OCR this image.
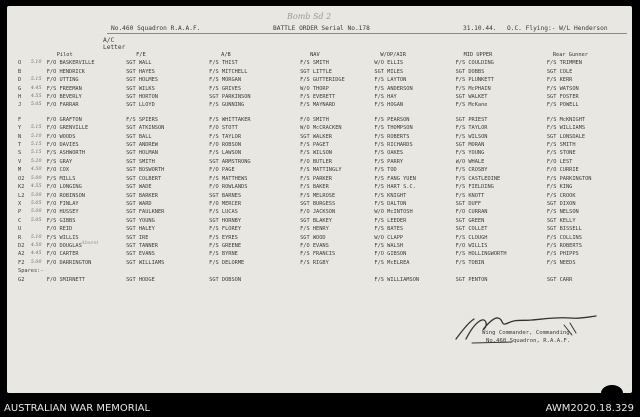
No.460 Squadron R.A.A.F.	BATTLE ORDER Serial No.178	31.10.44. O.C. Flying:- W/L Henderson
Bomb Sd 2
A/C
Letter
		Pilot	F/E	A/B	NAV	W/OP/AIR	MID UPPER	Rear Gunner
O	5.10	F/O BASKERVILLE	SGT WALL	F/S THIST	F/S SMITH	W/O ELLIS	F/S COULDING	F/S TRIMMEN
B		F/O HENDRICK	SGT HAYES	F/S MITCHELL	SGT LITTLE	SGT MILES	SGT DOBBS	SGT COLE
D	5.15	F/O UTTING	SGT HOLMES	F/S MORGAN	F/S GUTTERIDGE	F/S LAYTON	F/S PLUNKETT	F/S KERR
G	4.45	F/S FREEMAN	SGT WILKS	F/S GRIVES	W/O THORP	F/S ANDERSON	F/S McPHAIN	F/S WATSON
H	4.55	F/O BEVERLY	SGT HORTON	SGT PARKINSON	F/S EVERETT	F/S HAY	SGT WALKET	SGT FOSTER
J	5.05	F/O FARRAR	SGT LLOYD	F/S GUNNING	F/S MAYNARD	F/S HOGAN	F/S McKane	F/S POWELL

F		F/O GRAFTON	F/S SPIERS	F/S WHITTAKER	F/O SMITH	F/S PEARSON	SGT PRIEST	F/S McKNIGHT
Y	5.15	F/O GRENVILLE	SGT ATKINSON	F/O STOTT	W/O McCRACKEN	F/S THOMPSON	F/S TAYLOR	F/S WILLIAMS
N	5.10	F/O WOODS	SGT BALL	F/S TAYLOR	SGT WALKER	F/S ROBERTS	F/S WILSON	SGT LONSDALE
T	5.15	F/O DAVIES	SGT ANDREW	F/O ROBSON	F/S PAGET	F/S RICHARDS	SGT MORAN	F/S SMITH
S	5.15	F/S ASHWORTH	SGT HOLMAN	F/S LAWSON	F/S WILSON	F/S OAKES	F/S YOUNG	F/S STONE
V	5.20	F/S GRAY	SGT SMITH	SGT ARMSTRONG	F/O BUTLER	F/S PARRY	W/O WHALE	F/O LEST
M	4.50	F/O COX	SGT BOSWORTH	F/O PAGE	F/S MATTINGLY	F/S TOD	F/S CROSBY	F/O CURRIE
O2	5.00	F/S MILLS	SGT COLBERT	F/S MATTHEWS	F/S PARKER	F/S FANG YUEN	F/S CASTLEDINE	F/S PARKINGTON
K2	4.55	F/O LONGING	SGT WADE	F/O ROWLANDS	F/S BAKER	F/S HART S.C.	F/S FIELDING	F/S KING
L2	5.00	F/O ROBINSON	SGT BARKER	SGT BARNES	F/S MELROSE	F/S KNIGHT	F/S KNOTT	F/S CROOK
X	5.05	F/O FINLAY	SGT WARD	F/O MERCER	SGT BURGESS	F/S DALTON	SGT DUFF	SGT DIXON
P	5.00	F/O HUSSEY	SGT FAULKNER	F/S LUCAS	F/O JACKSON	W/O McINTOSH	F/O CURRAN	F/S NELSON
C	5.05	F/S GIBBS	SGT YOUNG	SGT HORNBY	SGT BLAKEY	F/S LEEDER	SGT GREEN	SGT KELLY
U		F/O REID	SGT HALEY	F/S FLOREY	F/S HENRY	F/S BATES	SGT COLLET	SGT BISSELL
R	5.10	F/S WILLIS	SGT IRE	F/S EYRES	SGT WOOD	W/O CLAPP	F/S CLOUGH	F/S COLLINS
D2	4.50	F/O DOUGLAS	SGT TANNER	F/S GREENE	F/O EVANS	F/S WALSH	F/O WILLIS	F/S ROBERTS
A2	4.45	F/O CARTER	SGT EVANS	F/S BYRNE	F/S FRANCIS	F/O GIBSON	F/S HOLLINGWORTH	F/S PHIPPS
F2	5.00	F/O DARRINGTON	SGT WILLIAMS	F/S DELORME	F/S RIGBY	F/S McELREA	F/S TOBIN	F/S NEEDS
Spares:-								
G2		F/O SMIRNETT	SGT HODGE	SGT DOBSON		F/S WILLIAMSON	SGT PENTON	SGT CARR
Absent
Wing Commander, Commanding,
No.460 Squadron, R.A.A.F.
AUSTRALIAN WAR MEMORIAL	AWM2020.18.329
